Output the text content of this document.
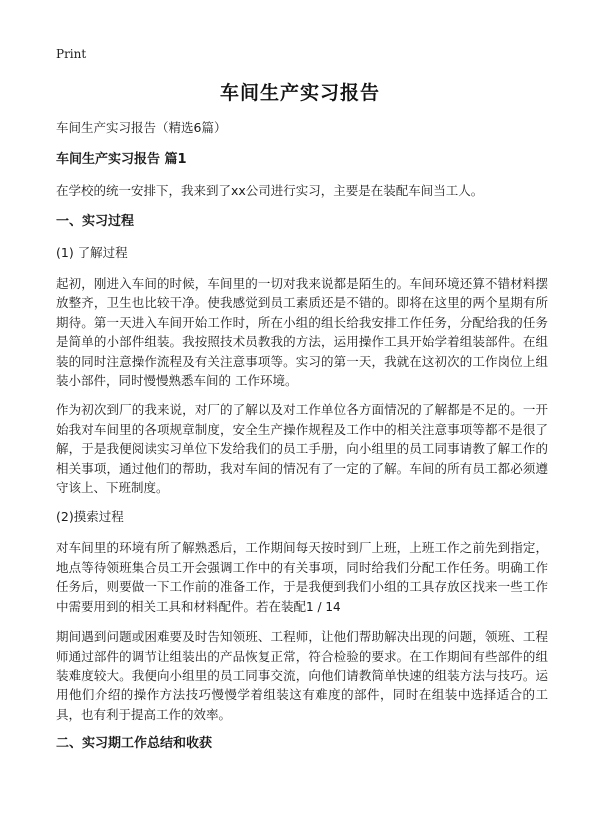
Print
车间生产实习报告

车间生产实习报告（精选6篇）

车间生产实习报告 篇1

在学校的统一安排下，我来到了xx公司进行实习，主要是在装配车间当工人。

一、实习过程

(1) 了解过程

起初，刚进入车间的时候，车间里的一切对我来说都是陌生的。车间环境还算不错材料摆放整齐，卫生也比较干净。使我感觉到员工素质还是不错的。即将在这里的两个星期有所期待。第一天进入车间开始工作时，所在小组的组长给我安排工作任务，分配给我的任务是简单的小部件组装。我按照技术员教我的方法，运用操作工具开始学着组装部件。在组装的同时注意操作流程及有关注意事项等。实习的第一天，我就在这初次的工作岗位上组装小部件，同时慢慢熟悉车间的 工作环境。

作为初次到厂的我来说，对厂的了解以及对工作单位各方面情况的了解都是不足的。一开始我对车间里的各项规章制度，安全生产操作规程及工作中的相关注意事项等都不是很了解，于是我便阅读实习单位下发给我们的员工手册，向小组里的员工同事请教了解工作的相关事项，通过他们的帮助，我对车间的情况有了一定的了解。车间的所有员工都必须遵守该上、下班制度。

(2)摸索过程

对车间里的环境有所了解熟悉后，工作期间每天按时到厂上班，上班工作之前先到指定，地点等待领班集合员工开会强调工作中的有关事项，同时给我们分配工作任务。明确工作任务后，则要做一下工作前的准备工作，于是我便到我们小组的工具存放区找来一些工作中需要用到的相关工具和材料配件。若在装配1 / 14

期间遇到问题或困难要及时告知领班、工程师，让他们帮助解决出现的问题，领班、工程师通过部件的调节让组装出的产品恢复正常，符合检验的要求。在工作期间有些部件的组装难度较大。我便向小组里的员工同事交流，向他们请教简单快速的组装方法与技巧。运用他们介绍的操作方法技巧慢慢学着组装这有难度的部件，同时在组装中选择适合的工具，也有利于提高工作的效率。

二、实习期工作总结和收获
